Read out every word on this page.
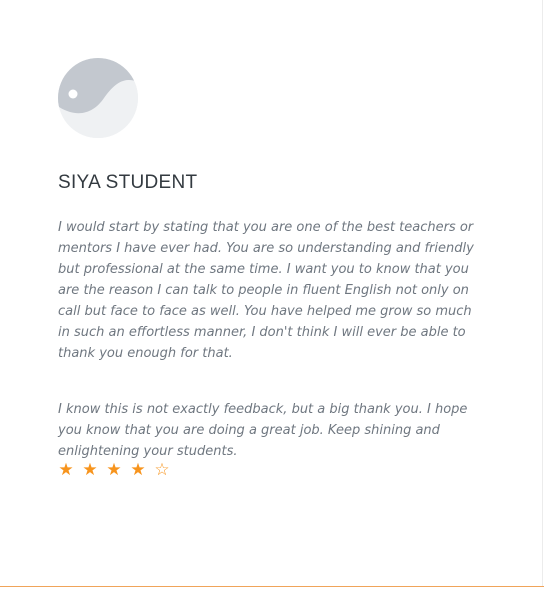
SIYA STUDENT

I would start by stating that you are one of the best teachers or mentors I have ever had. You are so understanding and friendly but professional at the same time. I want you to know that you are the reason I can talk to people in fluent English not only on call but face to face as well. You have helped me grow so much in such an effortless manner, I don't think I will ever be able to thank you enough for that.

I know this is not exactly feedback, but a big thank you. I hope you know that you are doing a great job. Keep shining and enlightening your students.

★ ★ ★ ★ ☆
